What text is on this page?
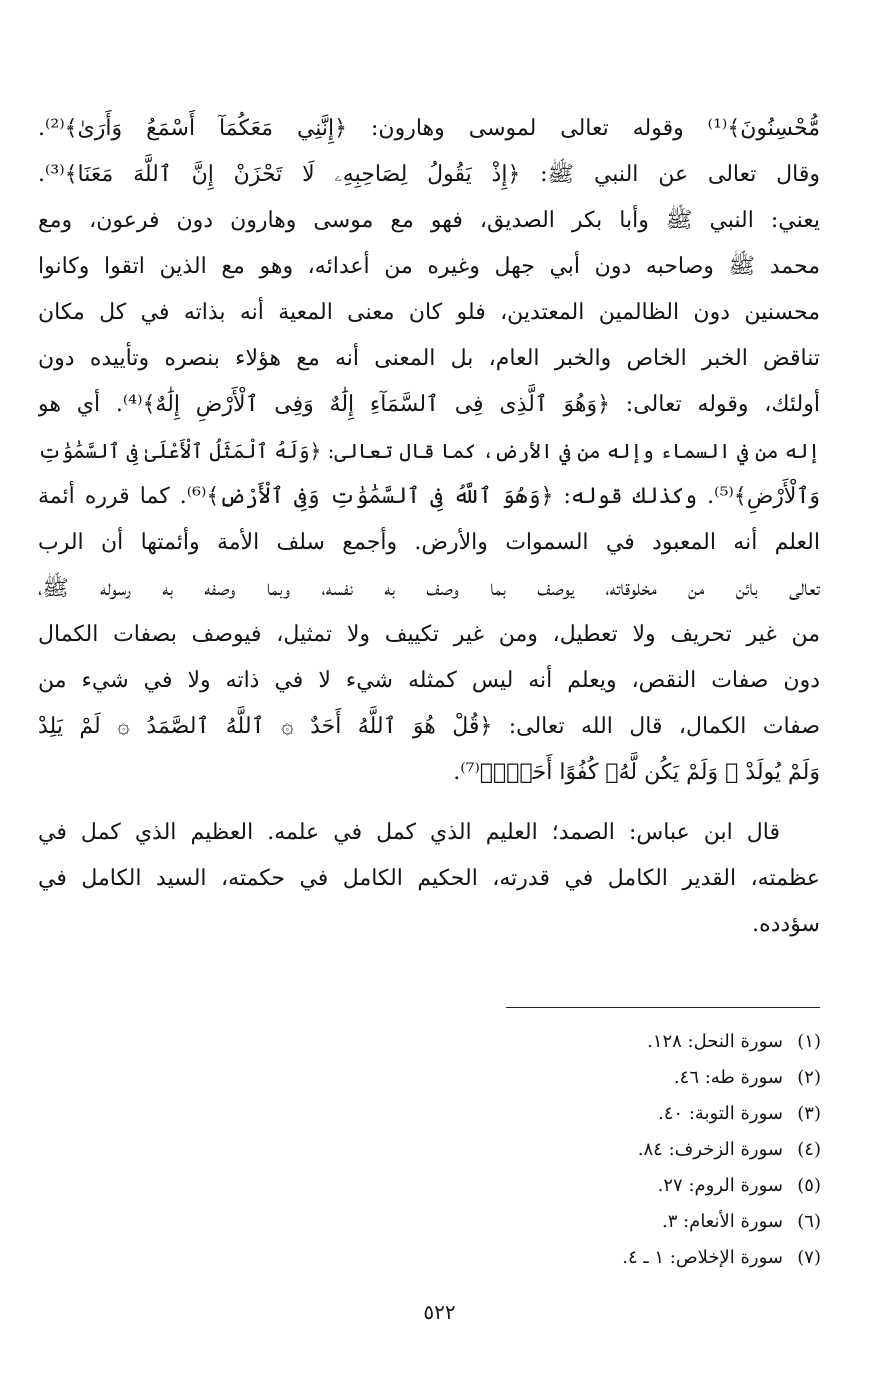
مُّحْسِنُونَ﴾⁽¹⁾ وقوله تعالى لموسى وهارون: ﴿إِنَّنِي مَعَكُمَآ أَسْمَعُ وَأَرَىٰ﴾⁽²⁾.
وقال تعالى عن النبي ﷺ: ﴿إِذْ يَقُولُ لِصَاحِبِهِۦ لَا تَحْزَنْ إِنَّ ٱللَّهَ مَعَنَا﴾⁽³⁾.
يعني: النبي ﷺ وأبا بكر الصديق، فهو مع موسى وهارون دون فرعون، ومع
محمد ﷺ وصاحبه دون أبي جهل وغيره من أعدائه، وهو مع الذين اتقوا وكانوا
محسنين دون الظالمين المعتدين، فلو كان معنى المعية أنه بذاته في كل مكان
تناقض الخبر الخاص والخبر العام، بل المعنى أنه مع هؤلاء بنصره وتأييده دون
أولئك، وقوله تعالى: ﴿وَهُوَ ٱلَّذِى فِى ٱلسَّمَآءِ إِلَٰهٌ وَفِى ٱلْأَرْضِ إِلَٰهٌ﴾⁽⁴⁾. أي هو
إله من في السماء وإله من في الأرض، كما قال تعالى: ﴿وَلَهُ ٱلْمَثَلُ ٱلْأَعْلَىٰ فِى ٱلسَّمَٰوَٰتِ
وَٱلْأَرْضِ﴾⁽⁵⁾. وكذلك قوله: ﴿وَهُوَ ٱللَّهُ فِى ٱلسَّمَٰوَٰتِ وَفِى ٱلْأَرْضِ﴾⁽⁶⁾. كما قرره أئمة
العلم أنه المعبود في السموات والأرض. وأجمع سلف الأمة وأئمتها أن الرب
تعالى بائن من مخلوقاته، يوصف بما وصف به نفسه، وبما وصفه به رسوله ﷺ،
من غير تحريف ولا تعطيل، ومن غير تكييف ولا تمثيل، فيوصف بصفات الكمال
دون صفات النقص، ويعلم أنه ليس كمثله شيء لا في ذاته ولا في شيء من
صفات الكمال، قال الله تعالى: ﴿قُلْ هُوَ ٱللَّهُ أَحَدٌ ۞ ٱللَّهُ ٱلصَّمَدُ ۞ لَمْ يَلِدْ
وَلَمْ يُولَدْ ۞ وَلَمْ يَكُن لَّهُۥ كُفُوًا أَحَدٌۢ﴾⁽⁷⁾.
قال ابن عباس: الصمد؛ العليم الذي كمل في علمه. العظيم الذي كمل في
عظمته، القدير الكامل في قدرته، الحكيم الكامل في حكمته، السيد الكامل في
سؤدده.
(١)سورة النحل: ١٢٨.
(٢)سورة طه: ٤٦.
(٣)سورة التوبة: ٤٠.
(٤)سورة الزخرف: ٨٤.
(٥)سورة الروم: ٢٧.
(٦)سورة الأنعام: ٣.
(٧)سورة الإخلاص: ١ ـ ٤.
٥٢٢
